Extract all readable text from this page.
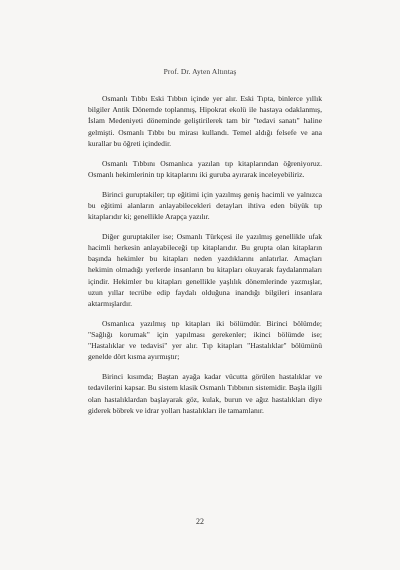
Prof. Dr. Ayten Altıntaş

Osmanlı Tıbbı Eski Tıbbın içinde yer alır. Eski Tıpta, binlerce yıllık bilgiler Antik Dönemde toplanmış, Hipokrat ekolü ile hastaya odaklanmış, İslam Medeniyeti döneminde geliştirilerek tam bir "tedavi sanatı" haline gelmişti. Osmanlı Tıbbı bu mirası kullandı. Temel aldığı felsefe ve ana kurallar bu öğreti içindedir.

Osmanlı Tıbbını Osmanlıca yazılan tıp kitaplarından öğreniyoruz. Osmanlı hekimlerinin tıp kitaplarını iki guruba ayırarak inceleyebiliriz.

Birinci guruptakiler; tıp eğitimi için yazılmış geniş hacimli ve yalnızca bu eğitimi alanların anlayabilecekleri detayları ihtiva eden büyük tıp kitaplarıdır ki; genellikle Arapça yazılır.

Diğer guruptakiler ise; Osmanlı Türkçesi ile yazılmış genellikle ufak hacimli herkesin anlayabileceği tıp kitaplarıdır. Bu grupta olan kitapların başında hekimler bu kitapları neden yazdıklarını anlatırlar. Amaçları hekimin olmadığı yerlerde insanların bu kitapları okuyarak faydalanmaları içindir. Hekimler bu kitapları genellikle yaşlılık dönemlerinde yazmışlar, uzun yıllar tecrübe edip faydalı olduğuna inandığı bilgileri insanlara aktarmışlardır.

Osmanlıca yazılmış tıp kitapları iki bölümdür. Birinci bölümde; "Sağlığı korumak" için yapılması gerekenler; ikinci bölümde ise; "Hastalıklar ve tedavisi" yer alır. Tıp kitapları "Hastalıklar" bölümünü genelde dört kısma ayırmıştır;

Birinci kısımda; Baştan ayağa kadar vücutta görülen hastalıklar ve tedavilerini kapsar. Bu sistem klasik Osmanlı Tıbbının sistemidir. Başla ilgili olan hastalıklardan başlayarak göz, kulak, burun ve ağız hastalıkları diye giderek böbrek ve idrar yolları hastalıkları ile tamamlanır.

22
